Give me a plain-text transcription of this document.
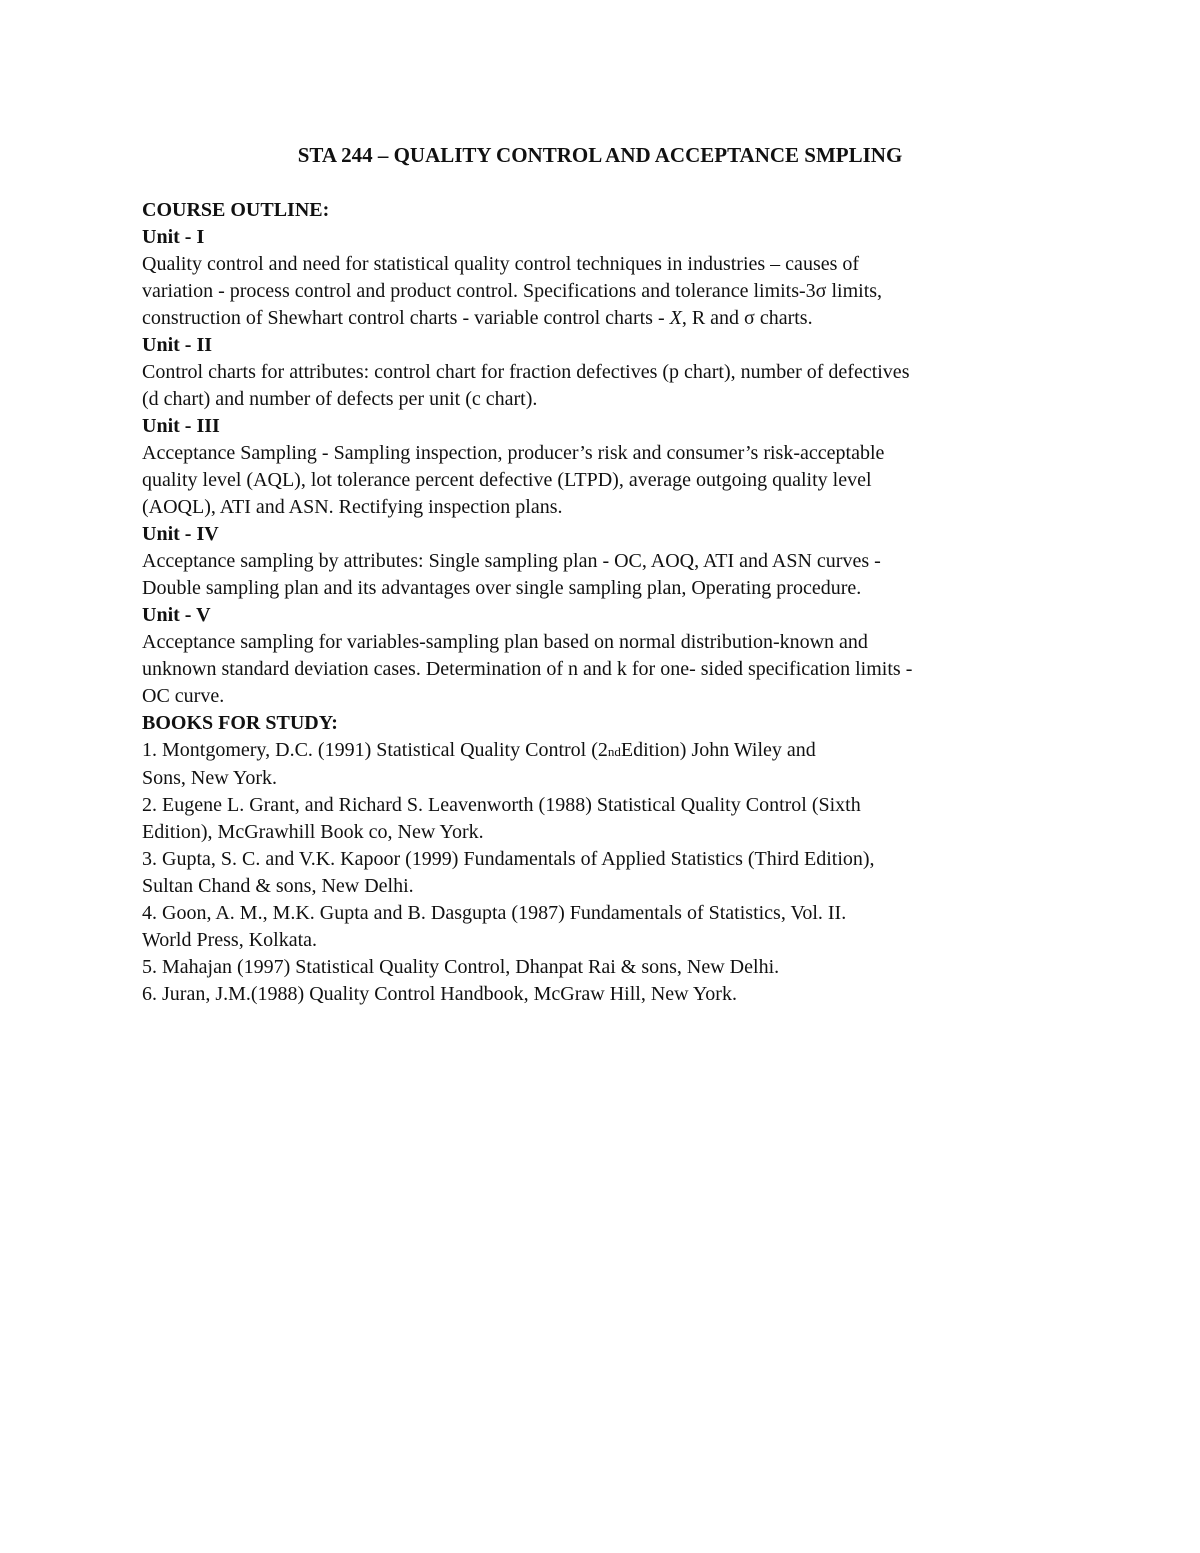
STA 244 – QUALITY CONTROL AND ACCEPTANCE SMPLING
COURSE OUTLINE:
Unit - I
Quality control and need for statistical quality control techniques in industries – causes of
variation - process control and product control. Specifications and tolerance limits-3σ limits,
construction of Shewhart control charts - variable control charts - X, R and σ charts.
Unit - II
Control charts for attributes: control chart for fraction defectives (p chart), number of defectives
(d chart) and number of defects per unit (c chart).
Unit - III
Acceptance Sampling - Sampling inspection, producer’s risk and consumer’s risk-acceptable
quality level (AQL), lot tolerance percent defective (LTPD), average outgoing quality level
(AOQL), ATI and ASN. Rectifying inspection plans.
Unit - IV
Acceptance sampling by attributes: Single sampling plan - OC, AOQ, ATI and ASN curves -
Double sampling plan and its advantages over single sampling plan, Operating procedure.
Unit - V
Acceptance sampling for variables-sampling plan based on normal distribution-known and
unknown standard deviation cases. Determination of n and k for one- sided specification limits -
OC curve.
BOOKS FOR STUDY:
1. Montgomery, D.C. (1991) Statistical Quality Control (2ndEdition) John Wiley and
Sons, New York.
2. Eugene L. Grant, and Richard S. Leavenworth (1988) Statistical Quality Control (Sixth
Edition), McGrawhill Book co, New York.
3. Gupta, S. C. and V.K. Kapoor (1999) Fundamentals of Applied Statistics (Third Edition),
Sultan Chand & sons, New Delhi.
4. Goon, A. M., M.K. Gupta and B. Dasgupta (1987) Fundamentals of Statistics, Vol. II.
World Press, Kolkata.
5. Mahajan (1997) Statistical Quality Control, Dhanpat Rai & sons, New Delhi.
6. Juran, J.M.(1988) Quality Control Handbook, McGraw Hill, New York.
